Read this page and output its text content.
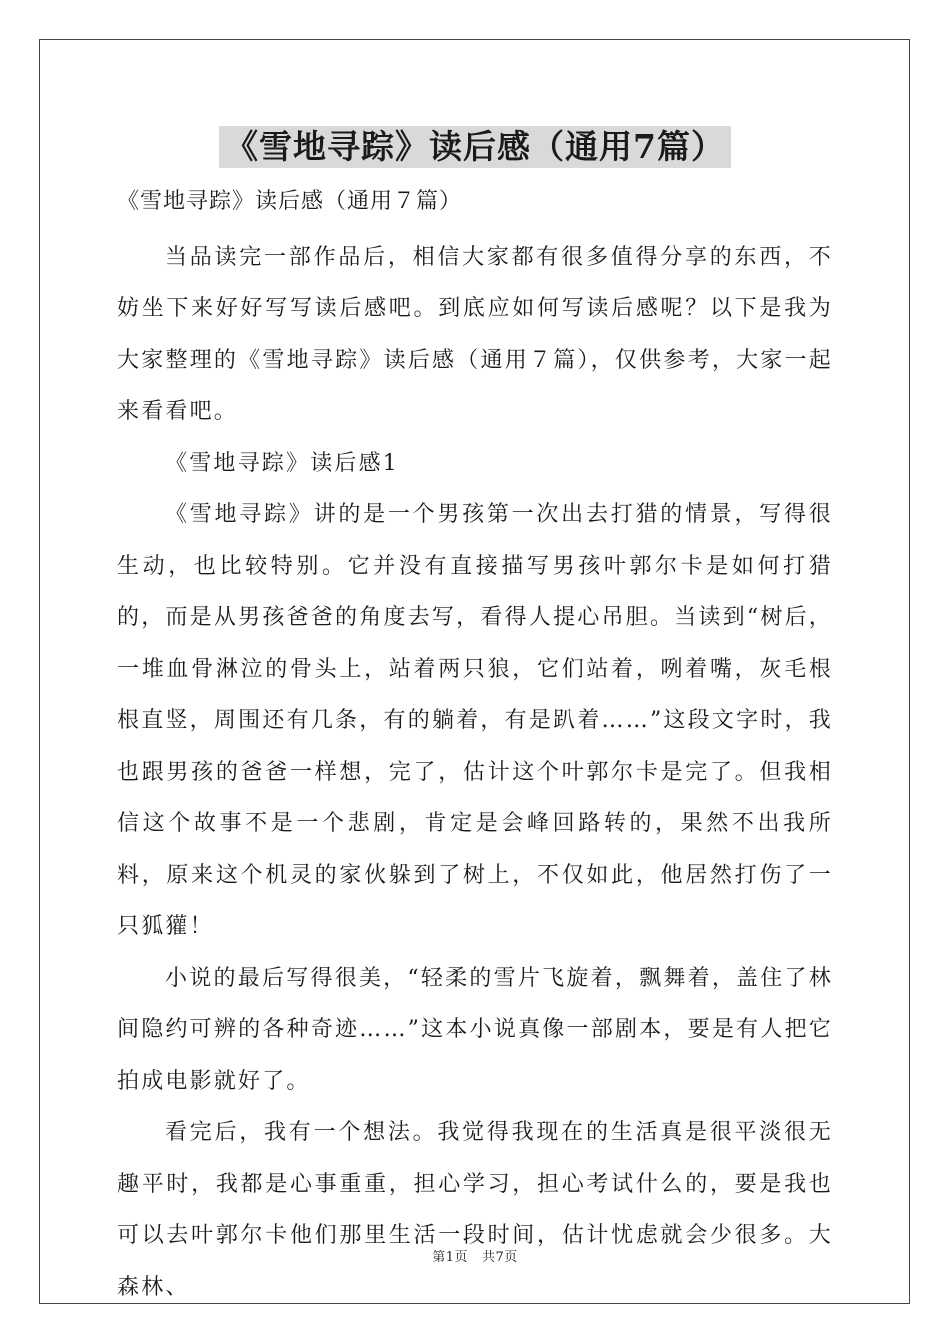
《雪地寻踪》读后感（通用7篇）

《雪地寻踪》读后感（通用７篇）

当品读完一部作品后，相信大家都有很多值得分享的东西，不妨坐下来好好写写读后感吧。到底应如何写读后感呢？以下是我为大家整理的《雪地寻踪》读后感（通用７篇），仅供参考，大家一起来看看吧。

《雪地寻踪》读后感1

《雪地寻踪》讲的是一个男孩第一次出去打猎的情景，写得很生动，也比较特别。它并没有直接描写男孩叶郭尔卡是如何打猎的，而是从男孩爸爸的角度去写，看得人提心吊胆。当读到“树后，一堆血骨淋泣的骨头上，站着两只狼，它们站着，咧着嘴，灰毛根根直竖，周围还有几条，有的躺着，有是趴着……”这段文字时，我也跟男孩的爸爸一样想，完了，估计这个叶郭尔卡是完了。但我相信这个故事不是一个悲剧，肯定是会峰回路转的，果然不出我所料，原来这个机灵的家伙躲到了树上，不仅如此，他居然打伤了一只狐獾！

小说的最后写得很美，“轻柔的雪片飞旋着，飘舞着，盖住了林间隐约可辨的各种奇迹……”这本小说真像一部剧本，要是有人把它拍成电影就好了。

看完后，我有一个想法。我觉得我现在的生活真是很平淡很无趣平时，我都是心事重重，担心学习，担心考试什么的，要是我也可以去叶郭尔卡他们那里生活一段时间，估计忧虑就会少很多。大森林、

第1页 共7页
